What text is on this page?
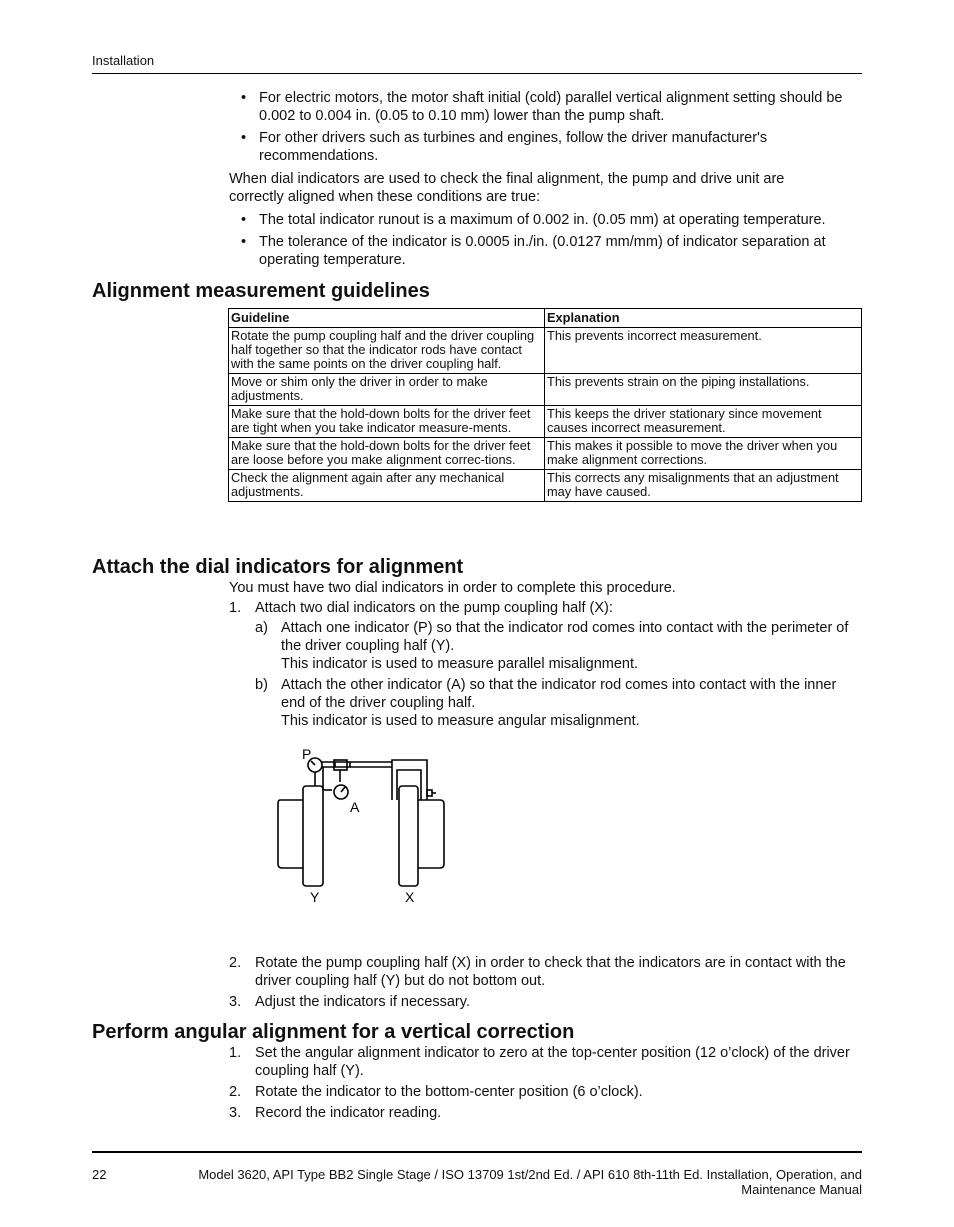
Installation
• For electric motors, the motor shaft initial (cold) parallel vertical alignment setting should be 0.002 to 0.004 in. (0.05 to 0.10 mm) lower than the pump shaft.
• For other drivers such as turbines and engines, follow the driver manufacturer's recommendations.
When dial indicators are used to check the final alignment, the pump and drive unit are correctly aligned when these conditions are true:
• The total indicator runout is a maximum of 0.002 in. (0.05 mm) at operating temperature.
• The tolerance of the indicator is 0.0005 in./in. (0.0127 mm/mm) of indicator separation at operating temperature.
Alignment measurement guidelines
Guideline	Explanation
Rotate the pump coupling half and the driver coupling half together so that the indicator rods have contact with the same points on the driver coupling half.	This prevents incorrect measurement.
Move or shim only the driver in order to make adjustments.	This prevents strain on the piping installations.
Make sure that the hold-down bolts for the driver feet are tight when you take indicator measure-ments.	This keeps the driver stationary since movement causes incorrect measurement.
Make sure that the hold-down bolts for the driver feet are loose before you make alignment correc-tions.	This makes it possible to move the driver when you make alignment corrections.
Check the alignment again after any mechanical adjustments.	This corrects any misalignments that an adjustment may have caused.
Attach the dial indicators for alignment
You must have two dial indicators in order to complete this procedure.
1. Attach two dial indicators on the pump coupling half (X):
a) Attach one indicator (P) so that the indicator rod comes into contact with the perimeter of the driver coupling half (Y).
This indicator is used to measure parallel misalignment.
b) Attach the other indicator (A) so that the indicator rod comes into contact with the inner end of the driver coupling half.
This indicator is used to measure angular misalignment.
P
A
Y	X
2. Rotate the pump coupling half (X) in order to check that the indicators are in contact with the driver coupling half (Y) but do not bottom out.
3. Adjust the indicators if necessary.
Perform angular alignment for a vertical correction
1. Set the angular alignment indicator to zero at the top-center position (12 o’clock) of the driver coupling half (Y).
2. Rotate the indicator to the bottom-center position (6 o’clock).
3. Record the indicator reading.
22	Model 3620, API Type BB2 Single Stage / ISO 13709 1st/2nd Ed. / API 610 8th-11th Ed. Installation, Operation, and Maintenance Manual
